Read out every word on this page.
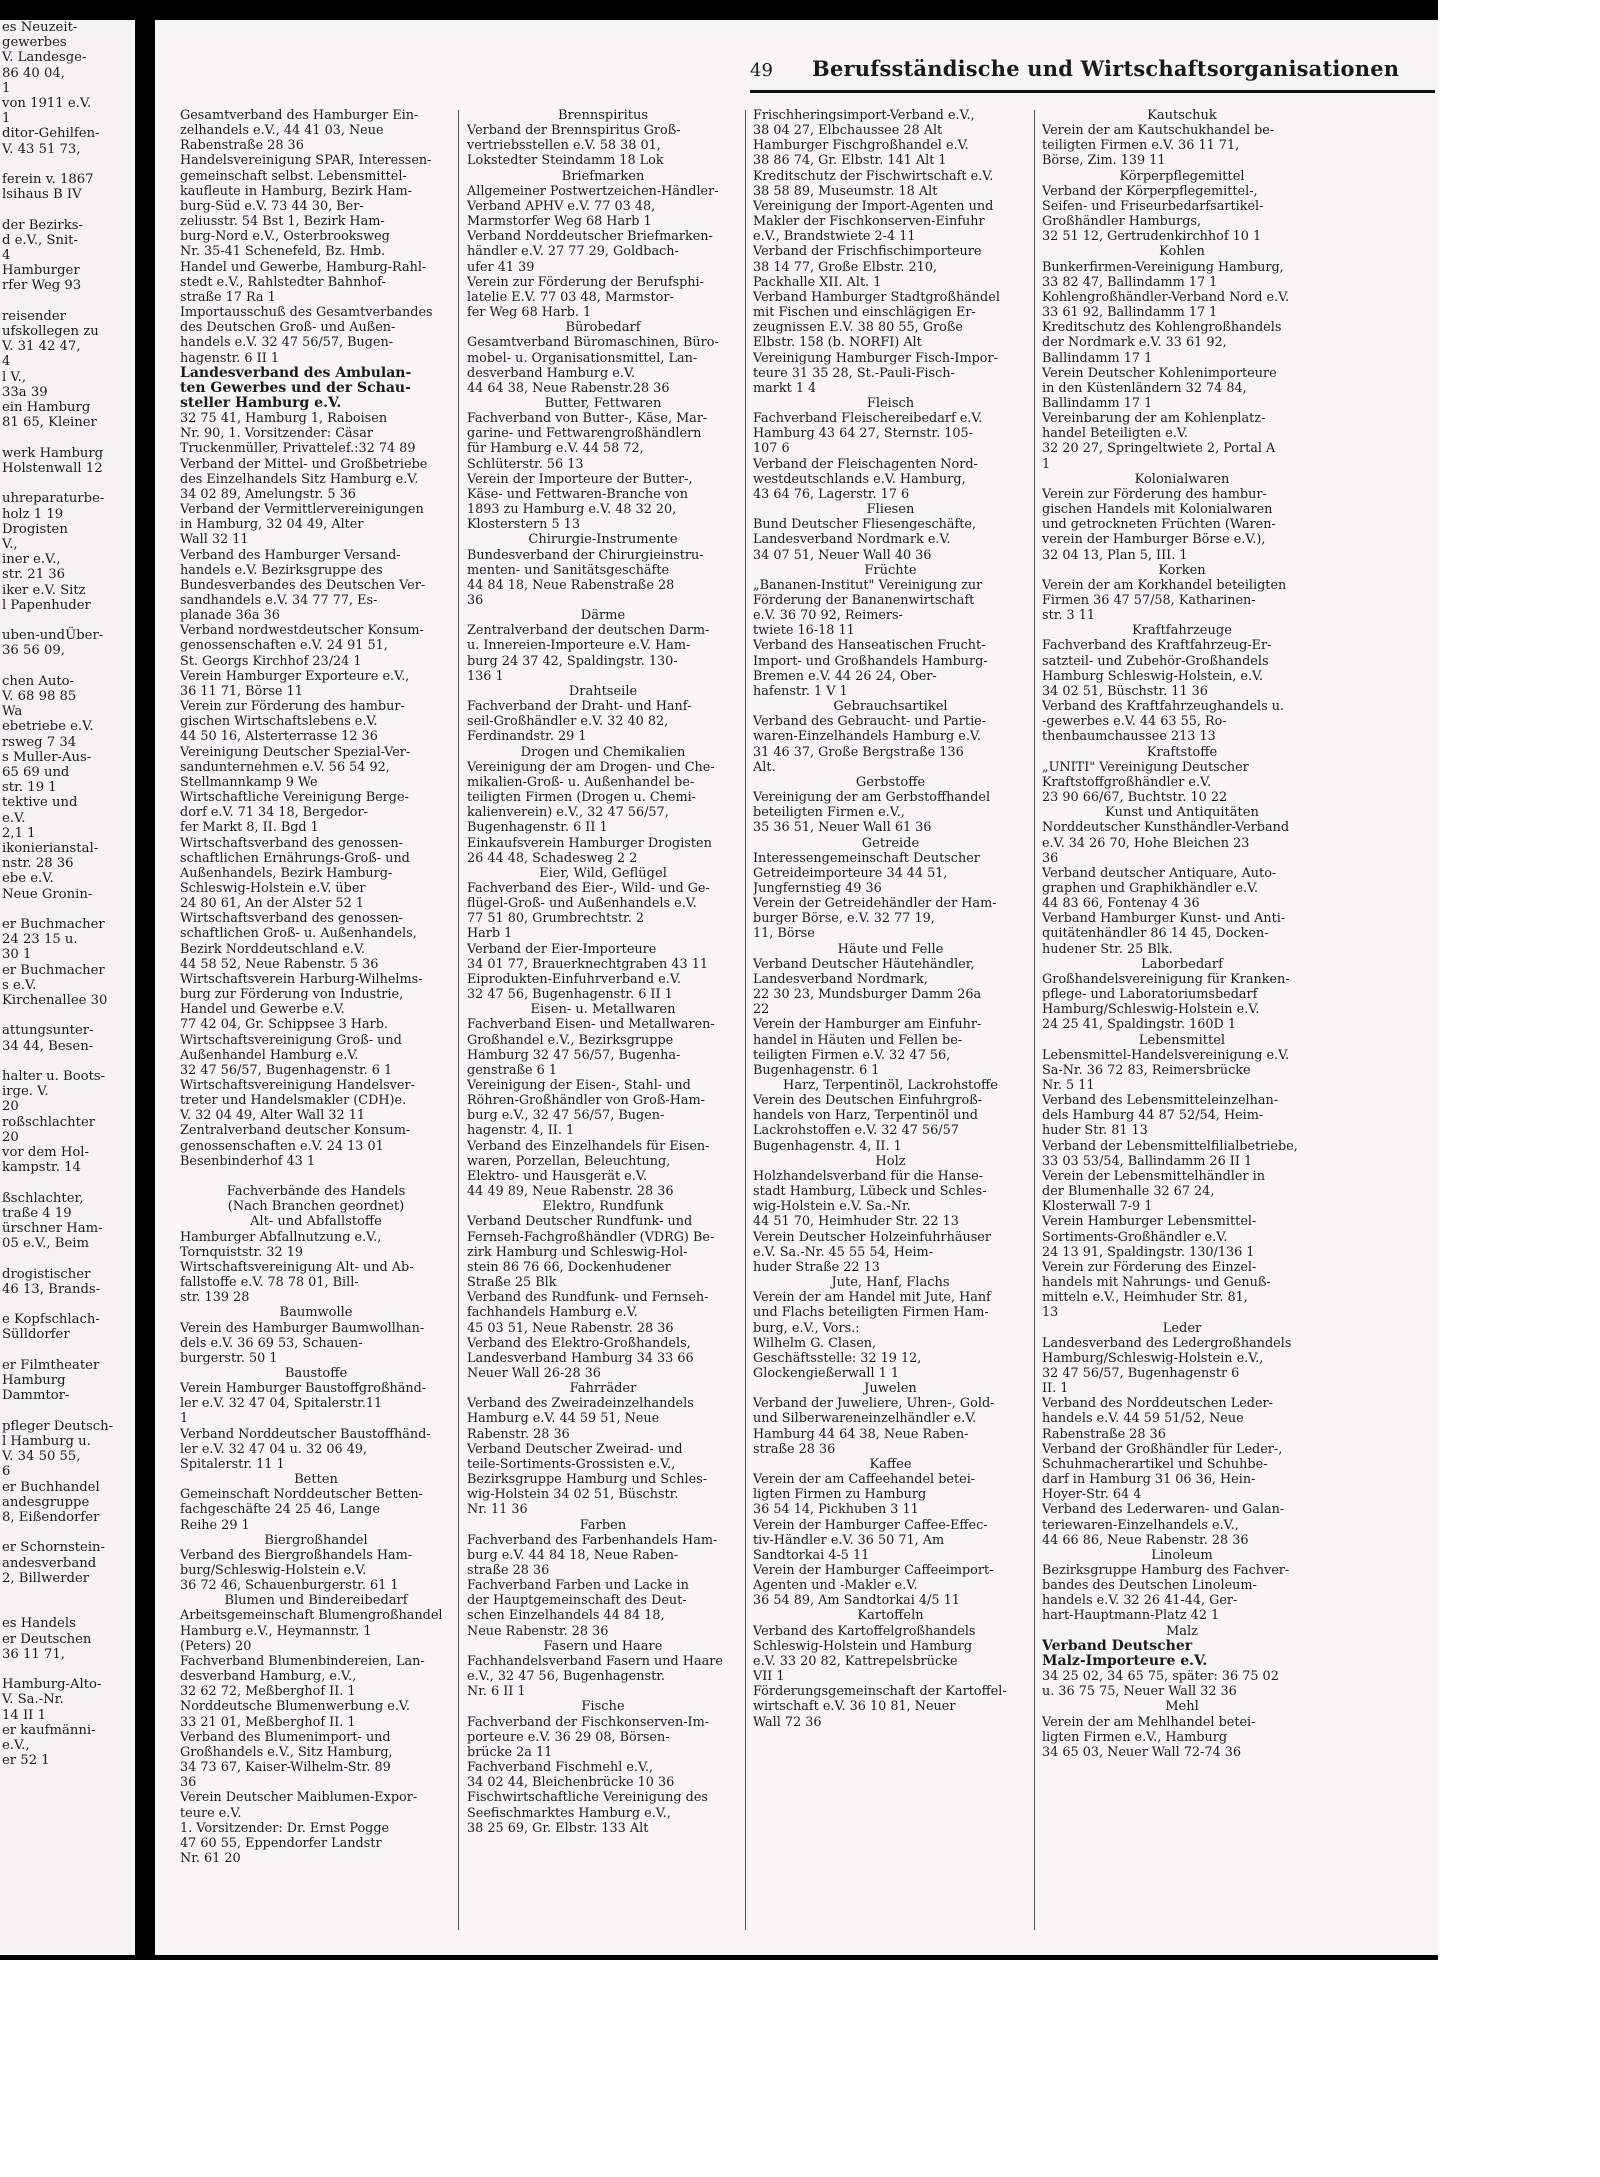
es Neuzeit-
gewerbes
V. Landesge-
86 40 04,
1
von 1911 e.V.
1
ditor-Gehilfen-
V. 43 51 73,

ferein v. 1867
lsihaus B IV

der Bezirks-
d e.V., Snit-
4
Hamburger
rfer Weg 93

reisender
ufskollegen zu
V. 31 42 47,
4
l V.,
33a 39
ein Hamburg
81 65, Kleiner

werk Hamburg
Holstenwall 12

uhreparaturbe-
holz 1 19
Drogisten
V.,
iner e.V.,
str. 21 36
iker e.V. Sitz
l Papenhuder

uben-undÜber-
36 56 09,

chen Auto-
V. 68 98 85
Wa
ebetriebe e.V.
rsweg 7 34
s Muller-Aus-
65 69 und
str. 19 1
tektive und
e.V.
2,1 1
ikonierianstal-
nstr. 28 36
ebe e.V.
Neue Gronin-

er Buchmacher
24 23 15 u.
30 1
er Buchmacher
s e.V.
Kirchenallee 30

attungsunter-
34 44, Besen-

halter u. Boots-
irge. V.
20
roßschlachter
20
vor dem Hol-
kampstr. 14

ßschlachter,
traße 4 19
ürschner Ham-
05 e.V., Beim

drogistischer
46 13, Brands-

e Kopfschlach-
Sülldorfer

er Filmtheater
Hamburg
Dammtor-

pfleger Deutsch-
l Hamburg u.
V. 34 50 55,
6
er Buchhandel
andesgruppe
8, Eißendorfer

er Schornstein-
andesverband
2, Billwerder

es Handels
er Deutschen
36 11 71,

Hamburg-Alto-
V. Sa.-Nr.
14 II 1
er kaufmänni-
e.V.,
er 52 1
49 Berufsständische und Wirtschaftsorganisationen
Gesamtverband des Hamburger Ein-
zelhandels e.V., 44 41 03, Neue
Rabenstraße 28 36
Handelsvereinigung SPAR, Interessen-
gemeinschaft selbst. Lebensmittel-
kaufleute in Hamburg, Bezirk Ham-
burg-Süd e.V. 73 44 30, Ber-
zeliusstr. 54 Bst 1, Bezirk Ham-
burg-Nord e.V., Osterbrooksweg
Nr. 35-41 Schenefeld, Bz. Hmb.
Handel und Gewerbe, Hamburg-Rahl-
stedt e.V., Rahlstedter Bahnhof-
straße 17 Ra 1
Importausschuß des Gesamtverbandes
des Deutschen Groß- und Außen-
handels e.V. 32 47 56/57, Bugen-
hagenstr. 6 II 1
Landesverband des Ambulan-
ten Gewerbes und der Schau-
steller Hamburg e.V.
32 75 41, Hamburg 1, Raboisen
Nr. 90, 1. Vorsitzender: Cäsar
Truckenmüller, Privattelef.:32 74 89
Verband der Mittel- und Großbetriebe
des Einzelhandels Sitz Hamburg e.V.
34 02 89, Amelungstr. 5 36
Verband der Vermittlervereinigungen
in Hamburg, 32 04 49, Alter
Wall 32 11
Verband des Hamburger Versand-
handels e.V. Bezirksgruppe des
Bundesverbandes des Deutschen Ver-
sandhandels e.V. 34 77 77, Es-
planade 36a 36
Verband nordwestdeutscher Konsum-
genossenschaften e.V. 24 91 51,
St. Georgs Kirchhof 23/24 1
Verein Hamburger Exporteure e.V.,
36 11 71, Börse 11
Verein zur Förderung des hambur-
gischen Wirtschaftslebens e.V.
44 50 16, Alsterterrasse 12 36
Vereinigung Deutscher Spezial-Ver-
sandunternehmen e.V. 56 54 92,
Stellmannkamp 9 We
Wirtschaftliche Vereinigung Berge-
dorf e.V. 71 34 18, Bergedor-
fer Markt 8, II. Bgd 1
Wirtschaftsverband des genossen-
schaftlichen Ernährungs-Groß- und
Außenhandels, Bezirk Hamburg-
Schleswig-Holstein e.V. über
24 80 61, An der Alster 52 1
Wirtschaftsverband des genossen-
schaftlichen Groß- u. Außenhandels,
Bezirk Norddeutschland e.V.
44 58 52, Neue Rabenstr. 5 36
Wirtschaftsverein Harburg-Wilhelms-
burg zur Förderung von Industrie,
Handel und Gewerbe e.V.
77 42 04, Gr. Schippsee 3 Harb.
Wirtschaftsvereinigung Groß- und
Außenhandel Hamburg e.V.
32 47 56/57, Bugenhagenstr. 6 1
Wirtschaftsvereinigung Handelsver-
treter und Handelsmakler (CDH)e.
V. 32 04 49, Alter Wall 32 11
Zentralverband deutscher Konsum-
genossenschaften e.V. 24 13 01
Besenbinderhof 43 1

Fachverbände des Handels
(Nach Branchen geordnet)
Alt- und Abfallstoffe
Hamburger Abfallnutzung e.V.,
Tornquiststr. 32 19
Wirtschaftsvereinigung Alt- und Ab-
fallstoffe e.V. 78 78 01, Bill-
str. 139 28
Baumwolle
Verein des Hamburger Baumwollhan-
dels e.V. 36 69 53, Schauen-
burgerstr. 50 1
Baustoffe
Verein Hamburger Baustoffgroßhänd-
ler e.V. 32 47 04, Spitalerstr.11
1
Verband Norddeutscher Baustoffhänd-
ler e.V. 32 47 04 u. 32 06 49,
Spitalerstr. 11 1
Betten
Gemeinschaft Norddeutscher Betten-
fachgeschäfte 24 25 46, Lange
Reihe 29 1
Biergroßhandel
Verband des Biergroßhandels Ham-
burg/Schleswig-Holstein e.V.
36 72 46, Schauenburgerstr. 61 1
Blumen und Bindereibedarf
Arbeitsgemeinschaft Blumengroßhandel
Hamburg e.V., Heymannstr. 1
(Peters) 20
Fachverband Blumenbindereien, Lan-
desverband Hamburg, e.V.,
32 62 72, Meßberghof II. 1
Norddeutsche Blumenwerbung e.V.
33 21 01, Meßberghof II. 1
Verband des Blumenimport- und
Großhandels e.V., Sitz Hamburg,
34 73 67, Kaiser-Wilhelm-Str. 89
36
Verein Deutscher Maiblumen-Expor-
teure e.V.
1. Vorsitzender: Dr. Ernst Pogge
47 60 55, Eppendorfer Landstr
Nr. 61 20
Brennspiritus
Verband der Brennspiritus Groß-
vertriebsstellen e.V. 58 38 01,
Lokstedter Steindamm 18 Lok
Briefmarken
Allgemeiner Postwertzeichen-Händler-
Verband APHV e.V. 77 03 48,
Marmstorfer Weg 68 Harb 1
Verband Norddeutscher Briefmarken-
händler e.V. 27 77 29, Goldbach-
ufer 41 39
Verein zur Förderung der Berufsphi-
latelie E.V. 77 03 48, Marmstor-
fer Weg 68 Harb. 1
Bürobedarf
Gesamtverband Büromaschinen, Büro-
mobel- u. Organisationsmittel, Lan-
desverband Hamburg e.V.
44 64 38, Neue Rabenstr.28 36
Butter, Fettwaren
Fachverband von Butter-, Käse, Mar-
garine- und Fettwarengroßhändlern
für Hamburg e.V. 44 58 72,
Schlüterstr. 56 13
Verein der Importeure der Butter-,
Käse- und Fettwaren-Branche von
1893 zu Hamburg e.V. 48 32 20,
Klosterstern 5 13
Chirurgie-Instrumente
Bundesverband der Chirurgieinstru-
menten- und Sanitätsgeschäfte
44 84 18, Neue Rabenstraße 28
36
Därme
Zentralverband der deutschen Darm-
u. Innereien-Importeure e.V. Ham-
burg 24 37 42, Spaldingstr. 130-
136 1
Drahtseile
Fachverband der Draht- und Hanf-
seil-Großhändler e.V. 32 40 82,
Ferdinandstr. 29 1
Drogen und Chemikalien
Vereinigung der am Drogen- und Che-
mikalien-Groß- u. Außenhandel be-
teiligten Firmen (Drogen u. Chemi-
kalienverein) e.V., 32 47 56/57,
Bugenhagenstr. 6 II 1
Einkaufsverein Hamburger Drogisten
26 44 48, Schadesweg 2 2
Eier, Wild, Geflügel
Fachverband des Eier-, Wild- und Ge-
flügel-Groß- und Außenhandels e.V.
77 51 80, Grumbrechtstr. 2
Harb 1
Verband der Eier-Importeure
34 01 77, Brauerknechtgraben 43 11
Eiprodukten-Einfuhrverband e.V.
32 47 56, Bugenhagenstr. 6 II 1
Eisen- u. Metallwaren
Fachverband Eisen- und Metallwaren-
Großhandel e.V., Bezirksgruppe
Hamburg 32 47 56/57, Bugenha-
genstraße 6 1
Vereinigung der Eisen-, Stahl- und
Röhren-Großhändler von Groß-Ham-
burg e.V., 32 47 56/57, Bugen-
hagenstr. 4, II. 1
Verband des Einzelhandels für Eisen-
waren, Porzellan, Beleuchtung,
Elektro- und Hausgerät e.V.
44 49 89, Neue Rabenstr. 28 36
Elektro, Rundfunk
Verband Deutscher Rundfunk- und
Fernseh-Fachgroßhändler (VDRG) Be-
zirk Hamburg und Schleswig-Hol-
stein 86 76 66, Dockenhudener
Straße 25 Blk
Verband des Rundfunk- und Fernseh-
fachhandels Hamburg e.V.
45 03 51, Neue Rabenstr. 28 36
Verband des Elektro-Großhandels,
Landesverband Hamburg 34 33 66
Neuer Wall 26-28 36
Fahrräder
Verband des Zweiradeinzelhandels
Hamburg e.V. 44 59 51, Neue
Rabenstr. 28 36
Verband Deutscher Zweirad- und
teile-Sortiments-Grossisten e.V.,
Bezirksgruppe Hamburg und Schles-
wig-Holstein 34 02 51, Büschstr.
Nr. 11 36
Farben
Fachverband des Farbenhandels Ham-
burg e.V. 44 84 18, Neue Raben-
straße 28 36
Fachverband Farben und Lacke in
der Hauptgemeinschaft des Deut-
schen Einzelhandels 44 84 18,
Neue Rabenstr. 28 36
Fasern und Haare
Fachhandelsverband Fasern und Haare
e.V., 32 47 56, Bugenhagenstr.
Nr. 6 II 1
Fische
Fachverband der Fischkonserven-Im-
porteure e.V. 36 29 08, Börsen-
brücke 2a 11
Fachverband Fischmehl e.V.,
34 02 44, Bleichenbrücke 10 36
Fischwirtschaftliche Vereinigung des
Seefischmarktes Hamburg e.V.,
38 25 69, Gr. Elbstr. 133 Alt
Frischheringsimport-Verband e.V.,
38 04 27, Elbchaussee 28 Alt
Hamburger Fischgroßhandel e.V.
38 86 74, Gr. Elbstr. 141 Alt 1
Kreditschutz der Fischwirtschaft e.V.
38 58 89, Museumstr. 18 Alt
Vereinigung der Import-Agenten und
Makler der Fischkonserven-Einfuhr
e.V., Brandstwiete 2-4 11
Verband der Frischfischimporteure
38 14 77, Große Elbstr. 210,
Packhalle XII. Alt. 1
Verband Hamburger Stadtgroßhändel
mit Fischen und einschlägigen Er-
zeugnissen E.V. 38 80 55, Große
Elbstr. 158 (b. NORFI) Alt
Vereinigung Hamburger Fisch-Impor-
teure 31 35 28, St.-Pauli-Fisch-
markt 1 4
Fleisch
Fachverband Fleischereibedarf e.V.
Hamburg 43 64 27, Sternstr. 105-
107 6
Verband der Fleischagenten Nord-
westdeutschlands e.V. Hamburg,
43 64 76, Lagerstr. 17 6
Fliesen
Bund Deutscher Fliesengeschäfte,
Landesverband Nordmark e.V.
34 07 51, Neuer Wall 40 36
Früchte
„Bananen-Institut" Vereinigung zur
Förderung der Bananenwirtschaft
e.V. 36 70 92, Reimers-
twiete 16-18 11
Verband des Hanseatischen Frucht-
Import- und Großhandels Hamburg-
Bremen e.V. 44 26 24, Ober-
hafenstr. 1 V 1
Gebrauchsartikel
Verband des Gebraucht- und Partie-
waren-Einzelhandels Hamburg e.V.
31 46 37, Große Bergstraße 136
Alt.
Gerbstoffe
Vereinigung der am Gerbstoffhandel
beteiligten Firmen e.V.,
35 36 51, Neuer Wall 61 36
Getreide
Interessengemeinschaft Deutscher
Getreideimporteure 34 44 51,
Jungfernstieg 49 36
Verein der Getreidehändler der Ham-
burger Börse, e.V. 32 77 19,
11, Börse
Häute und Felle
Verband Deutscher Häutehändler,
Landesverband Nordmark,
22 30 23, Mundsburger Damm 26a
22
Verein der Hamburger am Einfuhr-
handel in Häuten und Fellen be-
teiligten Firmen e.V. 32 47 56,
Bugenhagenstr. 6 1
Harz, Terpentinöl, Lackrohstoffe
Verein des Deutschen Einfuhrgroß-
handels von Harz, Terpentinöl und
Lackrohstoffen e.V. 32 47 56/57
Bugenhagenstr. 4, II. 1
Holz
Holzhandelsverband für die Hanse-
stadt Hamburg, Lübeck und Schles-
wig-Holstein e.V. Sa.-Nr.
44 51 70, Heimhuder Str. 22 13
Verein Deutscher Holzeinfuhrhäuser
e.V. Sa.-Nr. 45 55 54, Heim-
huder Straße 22 13
Jute, Hanf, Flachs
Verein der am Handel mit Jute, Hanf
und Flachs beteiligten Firmen Ham-
burg, e.V., Vors.:
Wilhelm G. Clasen,
Geschäftsstelle: 32 19 12,
Glockengießerwall 1 1
Juwelen
Verband der Juweliere, Uhren-, Gold-
und Silberwareneinzelhändler e.V.
Hamburg 44 64 38, Neue Raben-
straße 28 36
Kaffee
Verein der am Caffeehandel betei-
ligten Firmen zu Hamburg
36 54 14, Pickhuben 3 11
Verein der Hamburger Caffee-Effec-
tiv-Händler e.V. 36 50 71, Am
Sandtorkai 4-5 11
Verein der Hamburger Caffeeimport-
Agenten und -Makler e.V.
36 54 89, Am Sandtorkai 4/5 11
Kartoffeln
Verband des Kartoffelgroßhandels
Schleswig-Holstein und Hamburg
e.V. 33 20 82, Kattrepelsbrücke
VII 1
Förderungsgemeinschaft der Kartoffel-
wirtschaft e.V. 36 10 81, Neuer
Wall 72 36
Kautschuk
Verein der am Kautschukhandel be-
teiligten Firmen e.V. 36 11 71,
Börse, Zim. 139 11
Körperpflegemittel
Verband der Körperpflegemittel-,
Seifen- und Friseurbedarfsartikel-
Großhändler Hamburgs,
32 51 12, Gertrudenkirchhof 10 1
Kohlen
Bunkerfirmen-Vereinigung Hamburg,
33 82 47, Ballindamm 17 1
Kohlengroßhändler-Verband Nord e.V.
33 61 92, Ballindamm 17 1
Kreditschutz des Kohlengroßhandels
der Nordmark e.V. 33 61 92,
Ballindamm 17 1
Verein Deutscher Kohlenimporteure
in den Küstenländern 32 74 84,
Ballindamm 17 1
Vereinbarung der am Kohlenplatz-
handel Beteiligten e.V.
32 20 27, Springeltwiete 2, Portal A
1
Kolonialwaren
Verein zur Förderung des hambur-
gischen Handels mit Kolonialwaren
und getrockneten Früchten (Waren-
verein der Hamburger Börse e.V.),
32 04 13, Plan 5, III. 1
Korken
Verein der am Korkhandel beteiligten
Firmen 36 47 57/58, Katharinen-
str. 3 11
Kraftfahrzeuge
Fachverband des Kraftfahrzeug-Er-
satzteil- und Zubehör-Großhandels
Hamburg Schleswig-Holstein, e.V.
34 02 51, Büschstr. 11 36
Verband des Kraftfahrzeughandels u.
-gewerbes e.V. 44 63 55, Ro-
thenbaumchaussee 213 13
Kraftstoffe
„UNITI" Vereinigung Deutscher
Kraftstoffgroßhändler e.V.
23 90 66/67, Buchtstr. 10 22
Kunst und Antiquitäten
Norddeutscher Kunsthändler-Verband
e.V. 34 26 70, Hohe Bleichen 23
36
Verband deutscher Antiquare, Auto-
graphen und Graphikhändler e.V.
44 83 66, Fontenay 4 36
Verband Hamburger Kunst- und Anti-
quitätenhändler 86 14 45, Docken-
hudener Str. 25 Blk.
Laborbedarf
Großhandelsvereinigung für Kranken-
pflege- und Laboratoriumsbedarf
Hamburg/Schleswig-Holstein e.V.
24 25 41, Spaldingstr. 160D 1
Lebensmittel
Lebensmittel-Handelsvereinigung e.V.
Sa-Nr. 36 72 83, Reimersbrücke
Nr. 5 11
Verband des Lebensmitteleinzelhan-
dels Hamburg 44 87 52/54, Heim-
huder Str. 81 13
Verband der Lebensmittelfilialbetriebe,
33 03 53/54, Ballindamm 26 II 1
Verein der Lebensmittelhändler in
der Blumenhalle 32 67 24,
Klosterwall 7-9 1
Verein Hamburger Lebensmittel-
Sortiments-Großhändler e.V.
24 13 91, Spaldingstr. 130/136 1
Verein zur Förderung des Einzel-
handels mit Nahrungs- und Genuß-
mitteln e.V., Heimhuder Str. 81,
13
Leder
Landesverband des Ledergroßhandels
Hamburg/Schleswig-Holstein e.V.,
32 47 56/57, Bugenhagenstr 6
II. 1
Verband des Norddeutschen Leder-
handels e.V. 44 59 51/52, Neue
Rabenstraße 28 36
Verband der Großhändler für Leder-,
Schuhmacherartikel und Schuhbe-
darf in Hamburg 31 06 36, Hein-
Hoyer-Str. 64 4
Verband des Lederwaren- und Galan-
teriewaren-Einzelhandels e.V.,
44 66 86, Neue Rabenstr. 28 36
Linoleum
Bezirksgruppe Hamburg des Fachver-
bandes des Deutschen Linoleum-
handels e.V. 32 26 41-44, Ger-
hart-Hauptmann-Platz 42 1
Malz
Verband Deutscher
Malz-Importeure e.V.
34 25 02, 34 65 75, später: 36 75 02
u. 36 75 75, Neuer Wall 32 36
Mehl
Verein der am Mehlhandel betei-
ligten Firmen e.V., Hamburg
34 65 03, Neuer Wall 72-74 36
